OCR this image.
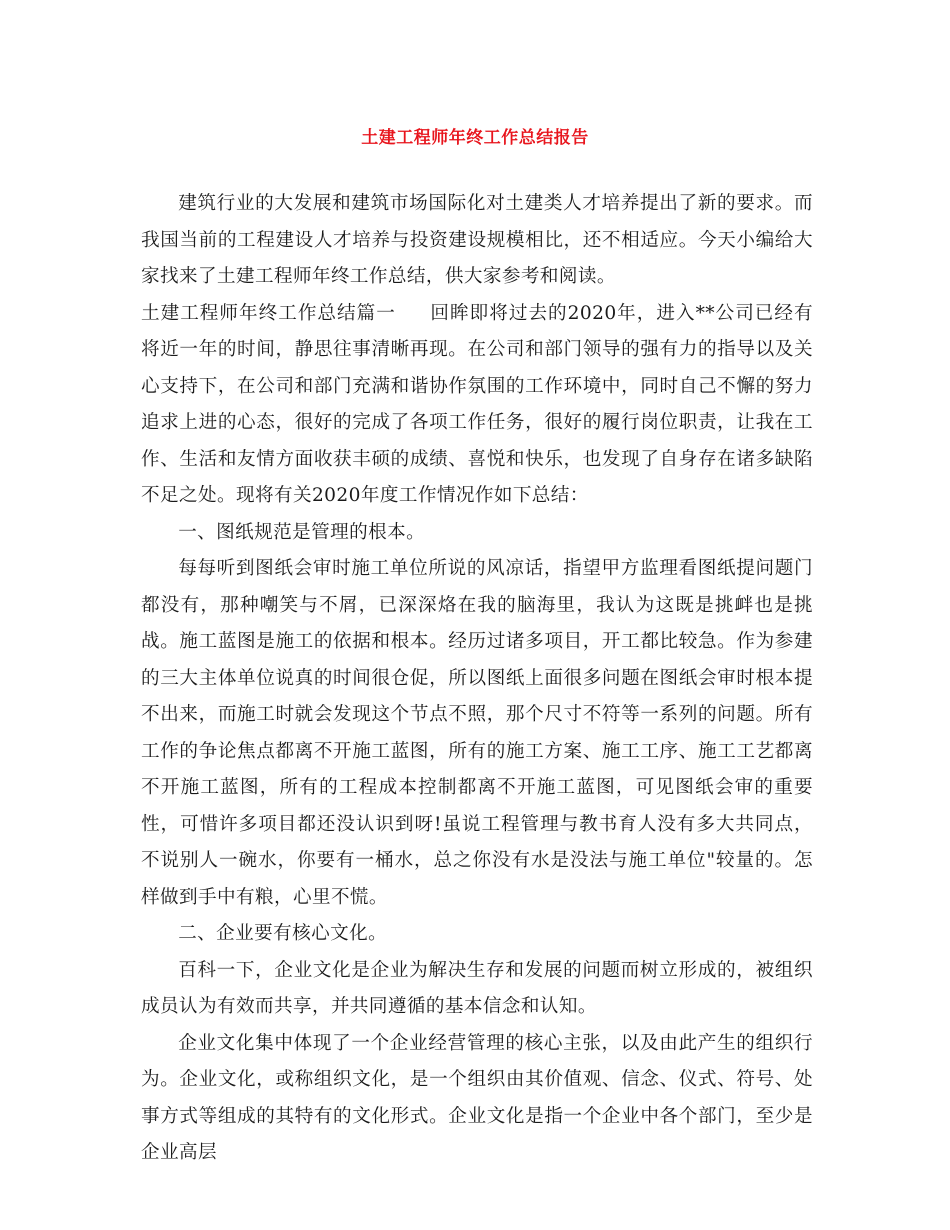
土建工程师年终工作总结报告

建筑行业的大发展和建筑市场国际化对土建类人才培养提出了新的要求。而我国当前的工程建设人才培养与投资建设规模相比，还不相适应。今天小编给大家找来了土建工程师年终工作总结，供大家参考和阅读。

土建工程师年终工作总结篇一 回眸即将过去的2020年，进入**公司已经有将近一年的时间，静思往事清晰再现。在公司和部门领导的强有力的指导以及关心支持下，在公司和部门充满和谐协作氛围的工作环境中，同时自己不懈的努力追求上进的心态，很好的完成了各项工作任务，很好的履行岗位职责，让我在工作、生活和友情方面收获丰硕的成绩、喜悦和快乐，也发现了自身存在诸多缺陷不足之处。现将有关2020年度工作情况作如下总结：

一、图纸规范是管理的根本。

每每听到图纸会审时施工单位所说的风凉话，指望甲方监理看图纸提问题门都没有，那种嘲笑与不屑，已深深烙在我的脑海里，我认为这既是挑衅也是挑战。施工蓝图是施工的依据和根本。经历过诸多项目，开工都比较急。作为参建的三大主体单位说真的时间很仓促，所以图纸上面很多问题在图纸会审时根本提不出来，而施工时就会发现这个节点不照，那个尺寸不符等一系列的问题。所有工作的争论焦点都离不开施工蓝图，所有的施工方案、施工工序、施工工艺都离不开施工蓝图，所有的工程成本控制都离不开施工蓝图，可见图纸会审的重要性，可惜许多项目都还没认识到呀!虽说工程管理与教书育人没有多大共同点，不说别人一碗水，你要有一桶水，总之你没有水是没法与施工单位"较量的。怎样做到手中有粮，心里不慌。

二、企业要有核心文化。

百科一下，企业文化是企业为解决生存和发展的问题而树立形成的，被组织成员认为有效而共享，并共同遵循的基本信念和认知。

企业文化集中体现了一个企业经营管理的核心主张，以及由此产生的组织行为。企业文化，或称组织文化，是一个组织由其价值观、信念、仪式、符号、处事方式等组成的其特有的文化形式。企业文化是指一个企业中各个部门，至少是企业高层
